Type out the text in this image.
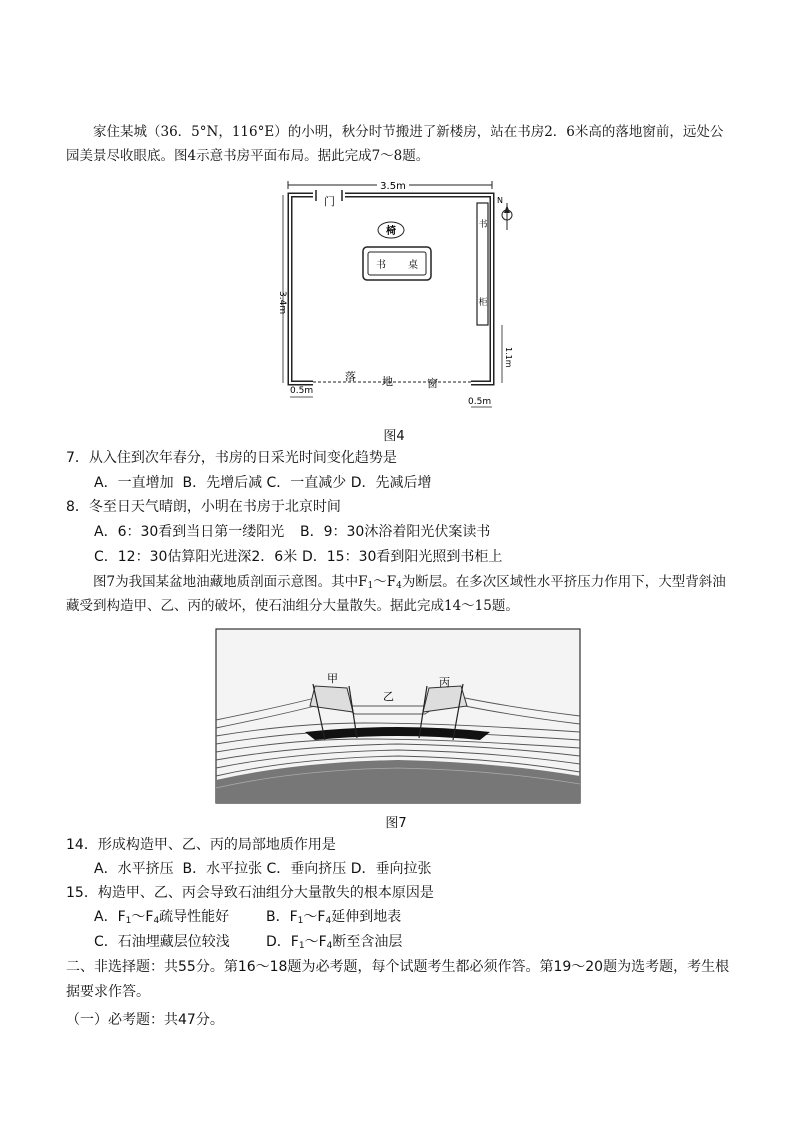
家住某城（36．5°N，116°E）的小明，秋分时节搬进了新楼房，站在书房2．6米高的落地窗前，远处公园美景尽收眼底。图4示意书房平面布局。据此完成7～8题。

3.5m
门
落 地	窗
3.4m
椅
书 桌
书
柜
N
1.1m
0.5m
0.5m
图4
7．从入住到次年春分，书房的日采光时间变化趋势是
A．一直增加  B．先增后减 C．一直减少 D．先减后增
8．冬至日天气晴朗，小明在书房于北京时间
A．6：30看到当日第一缕阳光 B．9：30沐浴着阳光伏案读书
C．12：30估算阳光进深2．6米 D．15：30看到阳光照到书柜上

图7为我国某盆地油藏地质剖面示意图。其中$F_1\sim F_4$为断层。在多次区域性水平挤压力作用下，大型背斜油藏受到构造甲、乙、丙的破坏，使石油组分大量散失。据此完成14～15题。

甲
乙
丙
图7
14．形成构造甲、乙、丙的局部地质作用是
A．水平挤压  B．水平拉张 C．垂向挤压 D．垂向拉张
15．构造甲、乙、丙会导致石油组分大量散失的根本原因是
A．$F_1\sim F_4$疏导性能好	B．$F_1\sim F_4$延伸到地表
C．石油埋藏层位较浅	D．$F_1\sim F_4$断至含油层

二、非选择题：共55分。第16～18题为必考题，每个试题考生都必须作答。第19～20题为选考题，考生根据要求作答。

（一）必考题：共47分。
